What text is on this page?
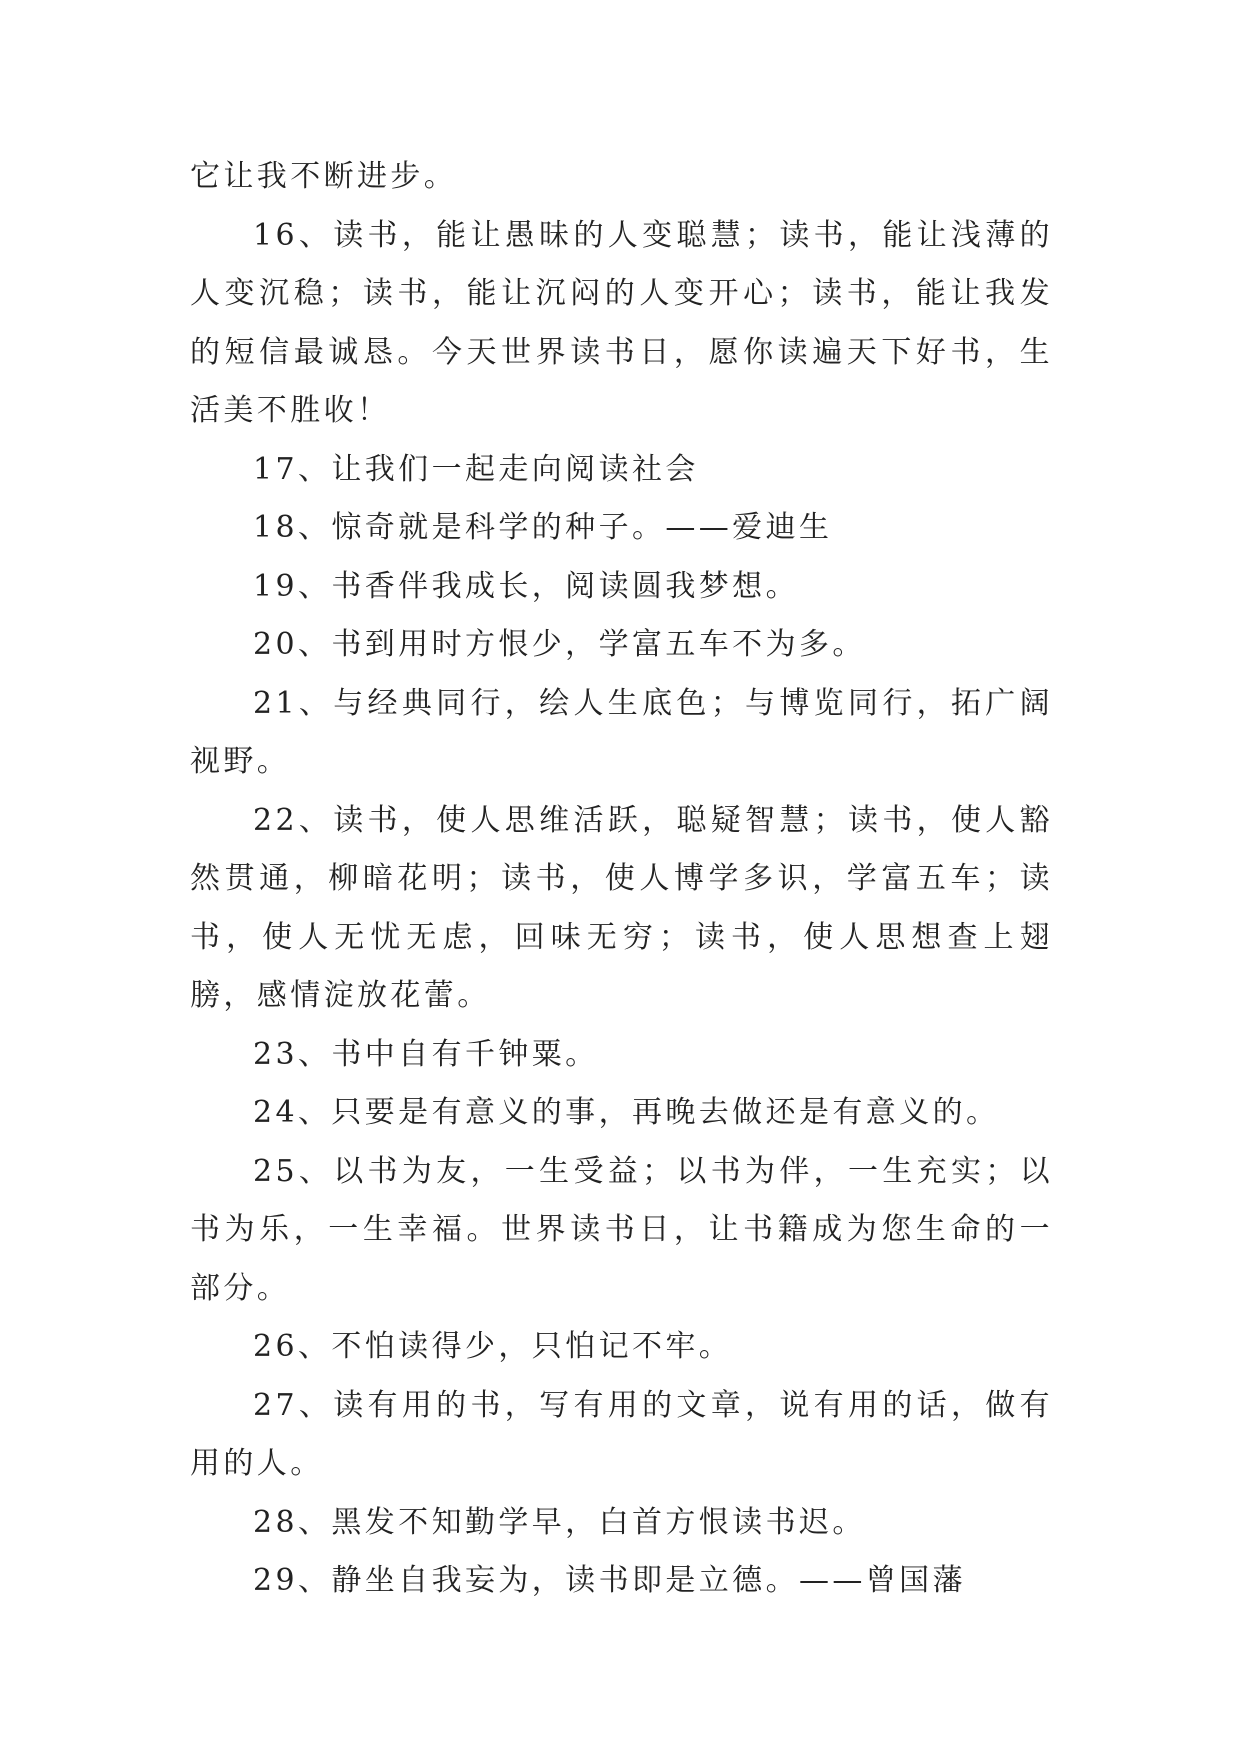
它让我不断进步。

16、读书，能让愚昧的人变聪慧；读书，能让浅薄的人变沉稳；读书，能让沉闷的人变开心；读书，能让我发的短信最诚恳。今天世界读书日，愿你读遍天下好书，生活美不胜收！

17、让我们一起走向阅读社会

18、惊奇就是科学的种子。——爱迪生

19、书香伴我成长，阅读圆我梦想。

20、书到用时方恨少，学富五车不为多。

21、与经典同行，绘人生底色；与博览同行，拓广阔视野。

22、读书，使人思维活跃，聪疑智慧；读书，使人豁然贯通，柳暗花明；读书，使人博学多识，学富五车；读书，使人无忧无虑，回味无穷；读书，使人思想查上翅膀，感情淀放花蕾。

23、书中自有千钟粟。

24、只要是有意义的事，再晚去做还是有意义的。

25、以书为友，一生受益；以书为伴，一生充实；以书为乐，一生幸福。世界读书日，让书籍成为您生命的一部分。

26、不怕读得少，只怕记不牢。

27、读有用的书，写有用的文章，说有用的话，做有用的人。

28、黑发不知勤学早，白首方恨读书迟。

29、静坐自我妄为，读书即是立德。——曾国藩
